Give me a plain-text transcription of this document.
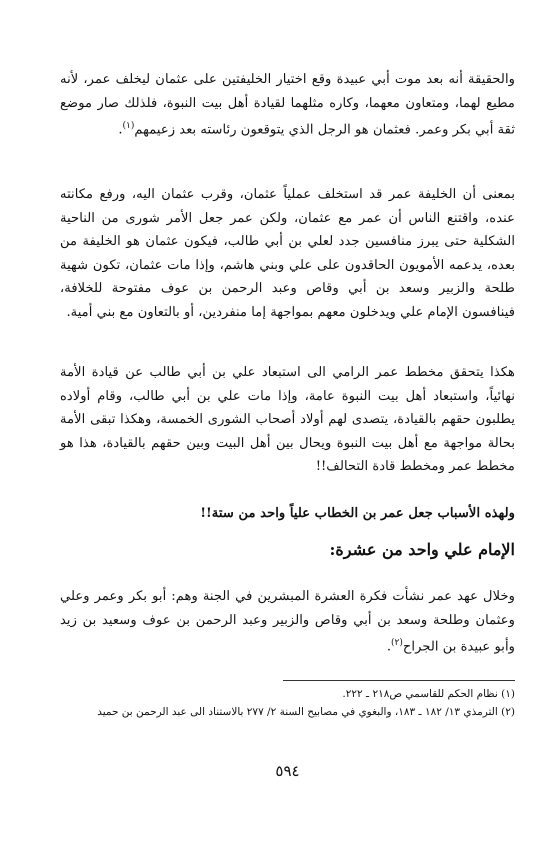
والحقيقة أنه بعد موت أبي عبيدة وقع اختيار الخليفتين على عثمان ليخلف عمر، لأنه مطيع لهما، ومتعاون معهما، وكاره مثلهما لقيادة أهل بيت النبوة، فلذلك صار موضع ثقة أبي بكر وعمر. فعثمان هو الرجل الذي يتوقعون رئاسته بعد زعيمهم$^{(١)}$.

بمعنى أن الخليفة عمر قد استخلف عملياً عثمان، وقرب عثمان اليه، ورفع مكانته عنده، واقتنع الناس أن عمر مع عثمان، ولكن عمر جعل الأمر شورى من الناحية الشكلية حتى يبرز منافسين جدد لعلي بن أبي طالب، فيكون عثمان هو الخليفة من بعده، يدعمه الأمويون الحاقدون على علي وبني هاشم، وإذا مات عثمان، تكون شهية طلحة والزبير وسعد بن أبي وقاص وعبد الرحمن بن عوف مفتوحة للخلافة، فينافسون الإمام علي ويدخلون معهم بمواجهة إما منفردين، أو بالتعاون مع بني أمية.

هكذا يتحقق مخطط عمر الرامي الى استبعاد علي بن أبي طالب عن قيادة الأمة نهائياً، واستبعاد أهل بيت النبوة عامة، وإذا مات علي بن أبي طالب، وقام أولاده يطلبون حقهم بالقيادة، يتصدى لهم أولاد أصحاب الشورى الخمسة، وهكذا تبقى الأمة بحالة مواجهة مع أهل بيت النبوة ويحال بين أهل البيت وبين حقهم بالقيادة، هذا هو مخطط عمر ومخطط قادة التحالف!!

ولهذه الأسباب جعل عمر بن الخطاب علياً واحد من ستة!!

الإمام علي واحد من عشرة:

وخلال عهد عمر نشأت فكرة العشرة المبشرين في الجنة وهم: أبو بكر وعمر وعلي وعثمان وطلحة وسعد بن أبي وقاص والزبير وعبد الرحمن بن عوف وسعيد بن زيد وأبو عبيدة بن الجراح$^{(٢)}$.

(١) نظام الحكم للقاسمي ص٢١٨ ـ ٢٢٢.
(٢) الترمذي ١٣/ ١٨٢ ـ ١٨٣، والبغوي في مصابيح السنة ٢/ ٢٧٧ بالاستناد الى عبد الرحمن بن حميد
٥٩٤
